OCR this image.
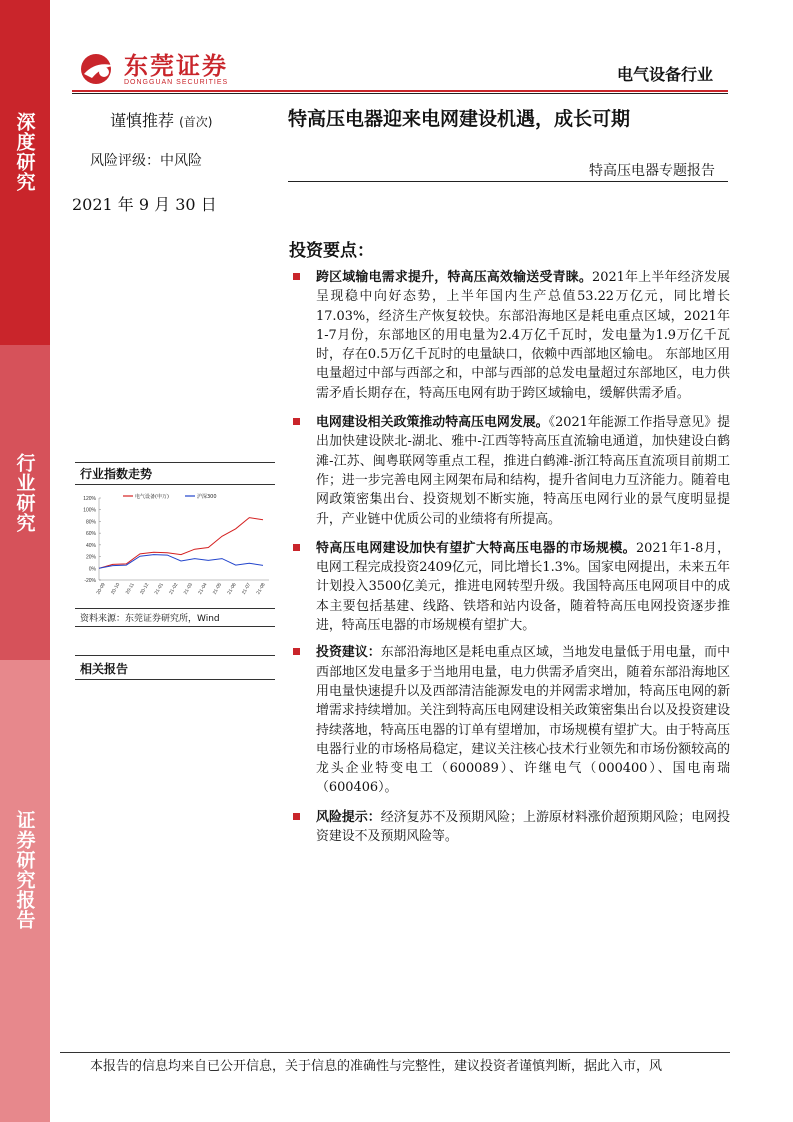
深度研究
行业研究
证券研究报告
东莞证券
DONGGUAN SECURITIES	电气设备行业
谨慎推荐 (首次)	特高压电器迎来电网建设机遇，成长可期
风险评级：中风险
特高压电器专题报告
2021 年 9 月 30 日
投资要点：
跨区域输电需求提升，特高压高效输送受青睐。2021年上半年经济发展呈现稳中向好态势，上半年国内生产总值53.22万亿元，同比增长17.03%，经济生产恢复较快。东部沿海地区是耗电重点区域，2021年1-7月份，东部地区的用电量为2.4万亿千瓦时，发电量为1.9万亿千瓦时，存在0.5万亿千瓦时的电量缺口，依赖中西部地区输电。 东部地区用电量超过中部与西部之和，中部与西部的总发电量超过东部地区，电力供需矛盾长期存在，特高压电网有助于跨区域输电，缓解供需矛盾。
电网建设相关政策推动特高压电网发展。《2021年能源工作指导意见》提出加快建设陕北-湖北、雅中-江西等特高压直流输电通道，加快建设白鹤滩-江苏、闽粤联网等重点工程，推进白鹤滩-浙江特高压直流项目前期工作；进一步完善电网主网架布局和结构，提升省间电力互济能力。随着电网政策密集出台、投资规划不断实施，特高压电网行业的景气度明显提升，产业链中优质公司的业绩将有所提高。
特高压电网建设加快有望扩大特高压电器的市场规模。2021年1-8月，电网工程完成投资2409亿元，同比增长1.3%。国家电网提出，未来五年计划投入3500亿美元，推进电网转型升级。我国特高压电网项目中的成本主要包括基建、线路、铁塔和站内设备，随着特高压电网投资逐步推进，特高压电器的市场规模有望扩大。
投资建议：东部沿海地区是耗电重点区域，当地发电量低于用电量，而中西部地区发电量多于当地用电量，电力供需矛盾突出，随着东部沿海地区用电量快速提升以及西部清洁能源发电的并网需求增加，特高压电网的新增需求持续增加。关注到特高压电网建设相关政策密集出台以及投资建设持续落地，特高压电器的订单有望增加，市场规模有望扩大。由于特高压电器行业的市场格局稳定，建议关注核心技术行业领先和市场份额较高的龙头企业特变电工（600089）、许继电气（000400）、国电南瑞（600406）。
风险提示：经济复苏不及预期风险；上游原材料涨价超预期风险；电网投资建设不及预期风险等。
行业指数走势
120%
100%
80%
60%
40%
20%
0%
-20%
20-09 20-10 20-11 20-12 21-01 21-02 21-03 21-04 21-05 21-06 21-07 21-08
电气设备(申万)	沪深300
资料来源：东莞证券研究所，Wind
相关报告
本报告的信息均来自已公开信息，关于信息的准确性与完整性，建议投资者谨慎判断，据此入市，风
